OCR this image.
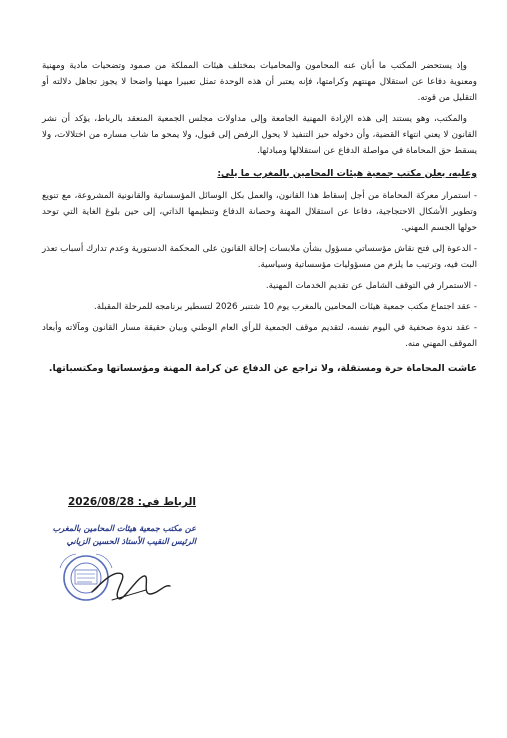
وإذ يستحضر المكتب ما أبان عنه المحامون والمحاميات بمختلف هيئات المملكة من صمود وتضحيات مادية ومهنية ومعنوية دفاعا عن استقلال مهنتهم وكرامتها، فإنه يعتبر أن هذه الوحدة تمثل تعبيرا مهنيا واضحا لا يجوز تجاهل دلالته أو التقليل من قوته.

والمكتب، وهو يستند إلى هذه الإرادة المهنية الجامعة وإلى مداولات مجلس الجمعية المنعقد بالرباط، يؤكد أن نشر القانون لا يعني انتهاء القضية، وأن دخوله حيز التنفيذ لا يحول الرفض إلى قبول، ولا يمحو ما شاب مساره من اختلالات، ولا يسقط حق المحاماة في مواصلة الدفاع عن استقلالها ومبادئها.

وعليه، يعلن مكتب جمعية هيئات المحامين بالمغرب ما يلي:

- استمرار معركة المحاماة من أجل إسقاط هذا القانون، والعمل بكل الوسائل المؤسساتية والقانونية المشروعة، مع تنويع وتطوير الأشكال الاحتجاجية، دفاعا عن استقلال المهنة وحصانة الدفاع وتنظيمها الذاتي، إلى حين بلوغ الغاية التي توحد حولها الجسم المهني.

- الدعوة إلى فتح نقاش مؤسساتي مسؤول بشأن ملابسات إحالة القانون على المحكمة الدستورية وعدم تدارك أسباب تعذر البت فيه، وترتيب ما يلزم من مسؤوليات مؤسساتية وسياسية.

- الاستمرار في التوقف الشامل عن تقديم الخدمات المهنية.

- عقد اجتماع مكتب جمعية هيئات المحامين بالمغرب يوم 10 شتنبر 2026 لتسطير برنامجه للمرحلة المقبلة.

- عقد ندوة صحفية في اليوم نفسه، لتقديم موقف الجمعية للرأي العام الوطني وبيان حقيقة مسار القانون ومآلاته وأبعاد الموقف المهني منه.

عاشت المحاماة حرة ومستقلة، ولا تراجع عن الدفاع عن كرامة المهنة ومؤسساتها ومكتسباتها.

الرباط في: 2026/08/28

عن مكتب جمعية هيئات المحامين بالمغرب

الرئيس النقيب الأستاذ الحسين الزياني
